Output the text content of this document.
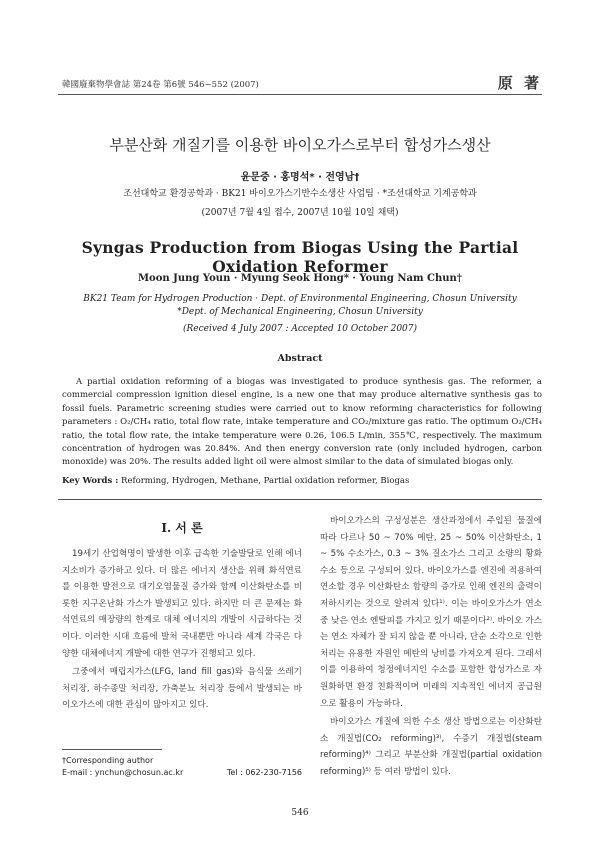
韓國廢棄物學會誌 第24卷 第6號 546~552 (2007)	原 著
부분산화 개질기를 이용한 바이오가스로부터 합성가스생산
윤문중 · 홍명석* · 전영남†
조선대학교 환경공학과 · BK21 바이오가스기반수소생산 사업팀 · *조선대학교 기계공학과
(2007년 7월 4일 접수, 2007년 10월 10일 채택)
Syngas Production from Biogas Using the Partial Oxidation Reformer
Moon Jung Youn · Myung Seok Hong* · Young Nam Chun†
BK21 Team for Hydrogen Production · Dept. of Environmental Engineering, Chosun University
*Dept. of Mechanical Engineering, Chosun University
(Received 4 July 2007 : Accepted 10 October 2007)
Abstract
A partial oxidation reforming of a biogas was investigated to produce synthesis gas. The reformer, a commercial compression ignition diesel engine, is a new one that may produce alternative synthesis gas to fossil fuels. Parametric screening studies were carried out to know reforming characteristics for following parameters : O₂/CH₄ ratio, total flow rate, intake temperature and CO₂/mixture gas ratio. The optimum O₂/CH₄ ratio, the total flow rate, the intake temperature were 0.26, 106.5 L/min, 355℃, respectively. The maximum concentration of hydrogen was 20.84%. And then energy conversion rate (only included hydrogen, carbon monoxide) was 20%. The results added light oil were almost similar to the data of simulated biogas only.
Key Words : Reforming, Hydrogen, Methane, Partial oxidation reformer, Biogas
I. 서 론

19세기 산업혁명이 발생한 이후 급속한 기술발달로 인해 에너지소비가 증가하고 있다. 더 많은 에너지 생산을 위해 화석연료를 이용한 발전으로 대기오염물질 증가와 함께 이산화탄소를 비롯한 지구온난화 가스가 발생되고 있다. 하지만 더 큰 문제는 화석연료의 매장량의 한계로 대체 에너지의 개발이 시급하다는 것이다. 이러한 시대 흐름에 발처 국내뿐만 아니라 세계 각국은 다양한 대체에너지 개발에 대한 연구가 진행되고 있다.

그중에서 매립지가스(LFG, land fill gas)와 음식물 쓰레기 처리장, 하수종말 처리장, 가축분뇨 처리장 등에서 발생되는 바이오가스에 대한 관심이 많아지고 있다.

바이오가스의 구성성분은 생산과정에서 주입된 물질에 따라 다르나 50 ~ 70% 메탄, 25 ~ 50% 이산화탄소, 1 ~ 5% 수소가스, 0.3 ~ 3% 질소가스 그리고 소량의 황화수소 등으로 구성되어 있다. 바이오가스를 엔진에 적용하여 연소할 경우 이산화탄소 함량의 증가로 인해 엔진의 출력이 저하시키는 것으로 알려져 있다¹⁾. 이는 바이오가스가 연소 중 낮은 연소 엔탈피를 가지고 있기 때문이다²⁾. 바이오 가스는 연소 자체가 잘 되지 않을 뿐 아니라, 단순 소각으로 인한 처리는 유용한 자원인 메탄의 낭비를 가져오게 된다. 그래서 이를 이용하여 청정에너지인 수소를 포함한 합성가스로 자원화하면 환경 친화적이며 미래의 지속적인 에너지 공급원으로 활용이 가능하다.

바이오가스 개질에 의한 수소 생산 방법으로는 이산화탄소 개질법(CO₂ reforming)³⁾, 수증기 개질법(steam reforming)⁴⁾ 그리고 부분산화 개질법(partial oxidation reforming)⁵⁾ 등 여러 방법이 있다.

†Corresponding author
E-mail : ynchun@chosun.ac.kr	Tel : 062-230-7156
546
